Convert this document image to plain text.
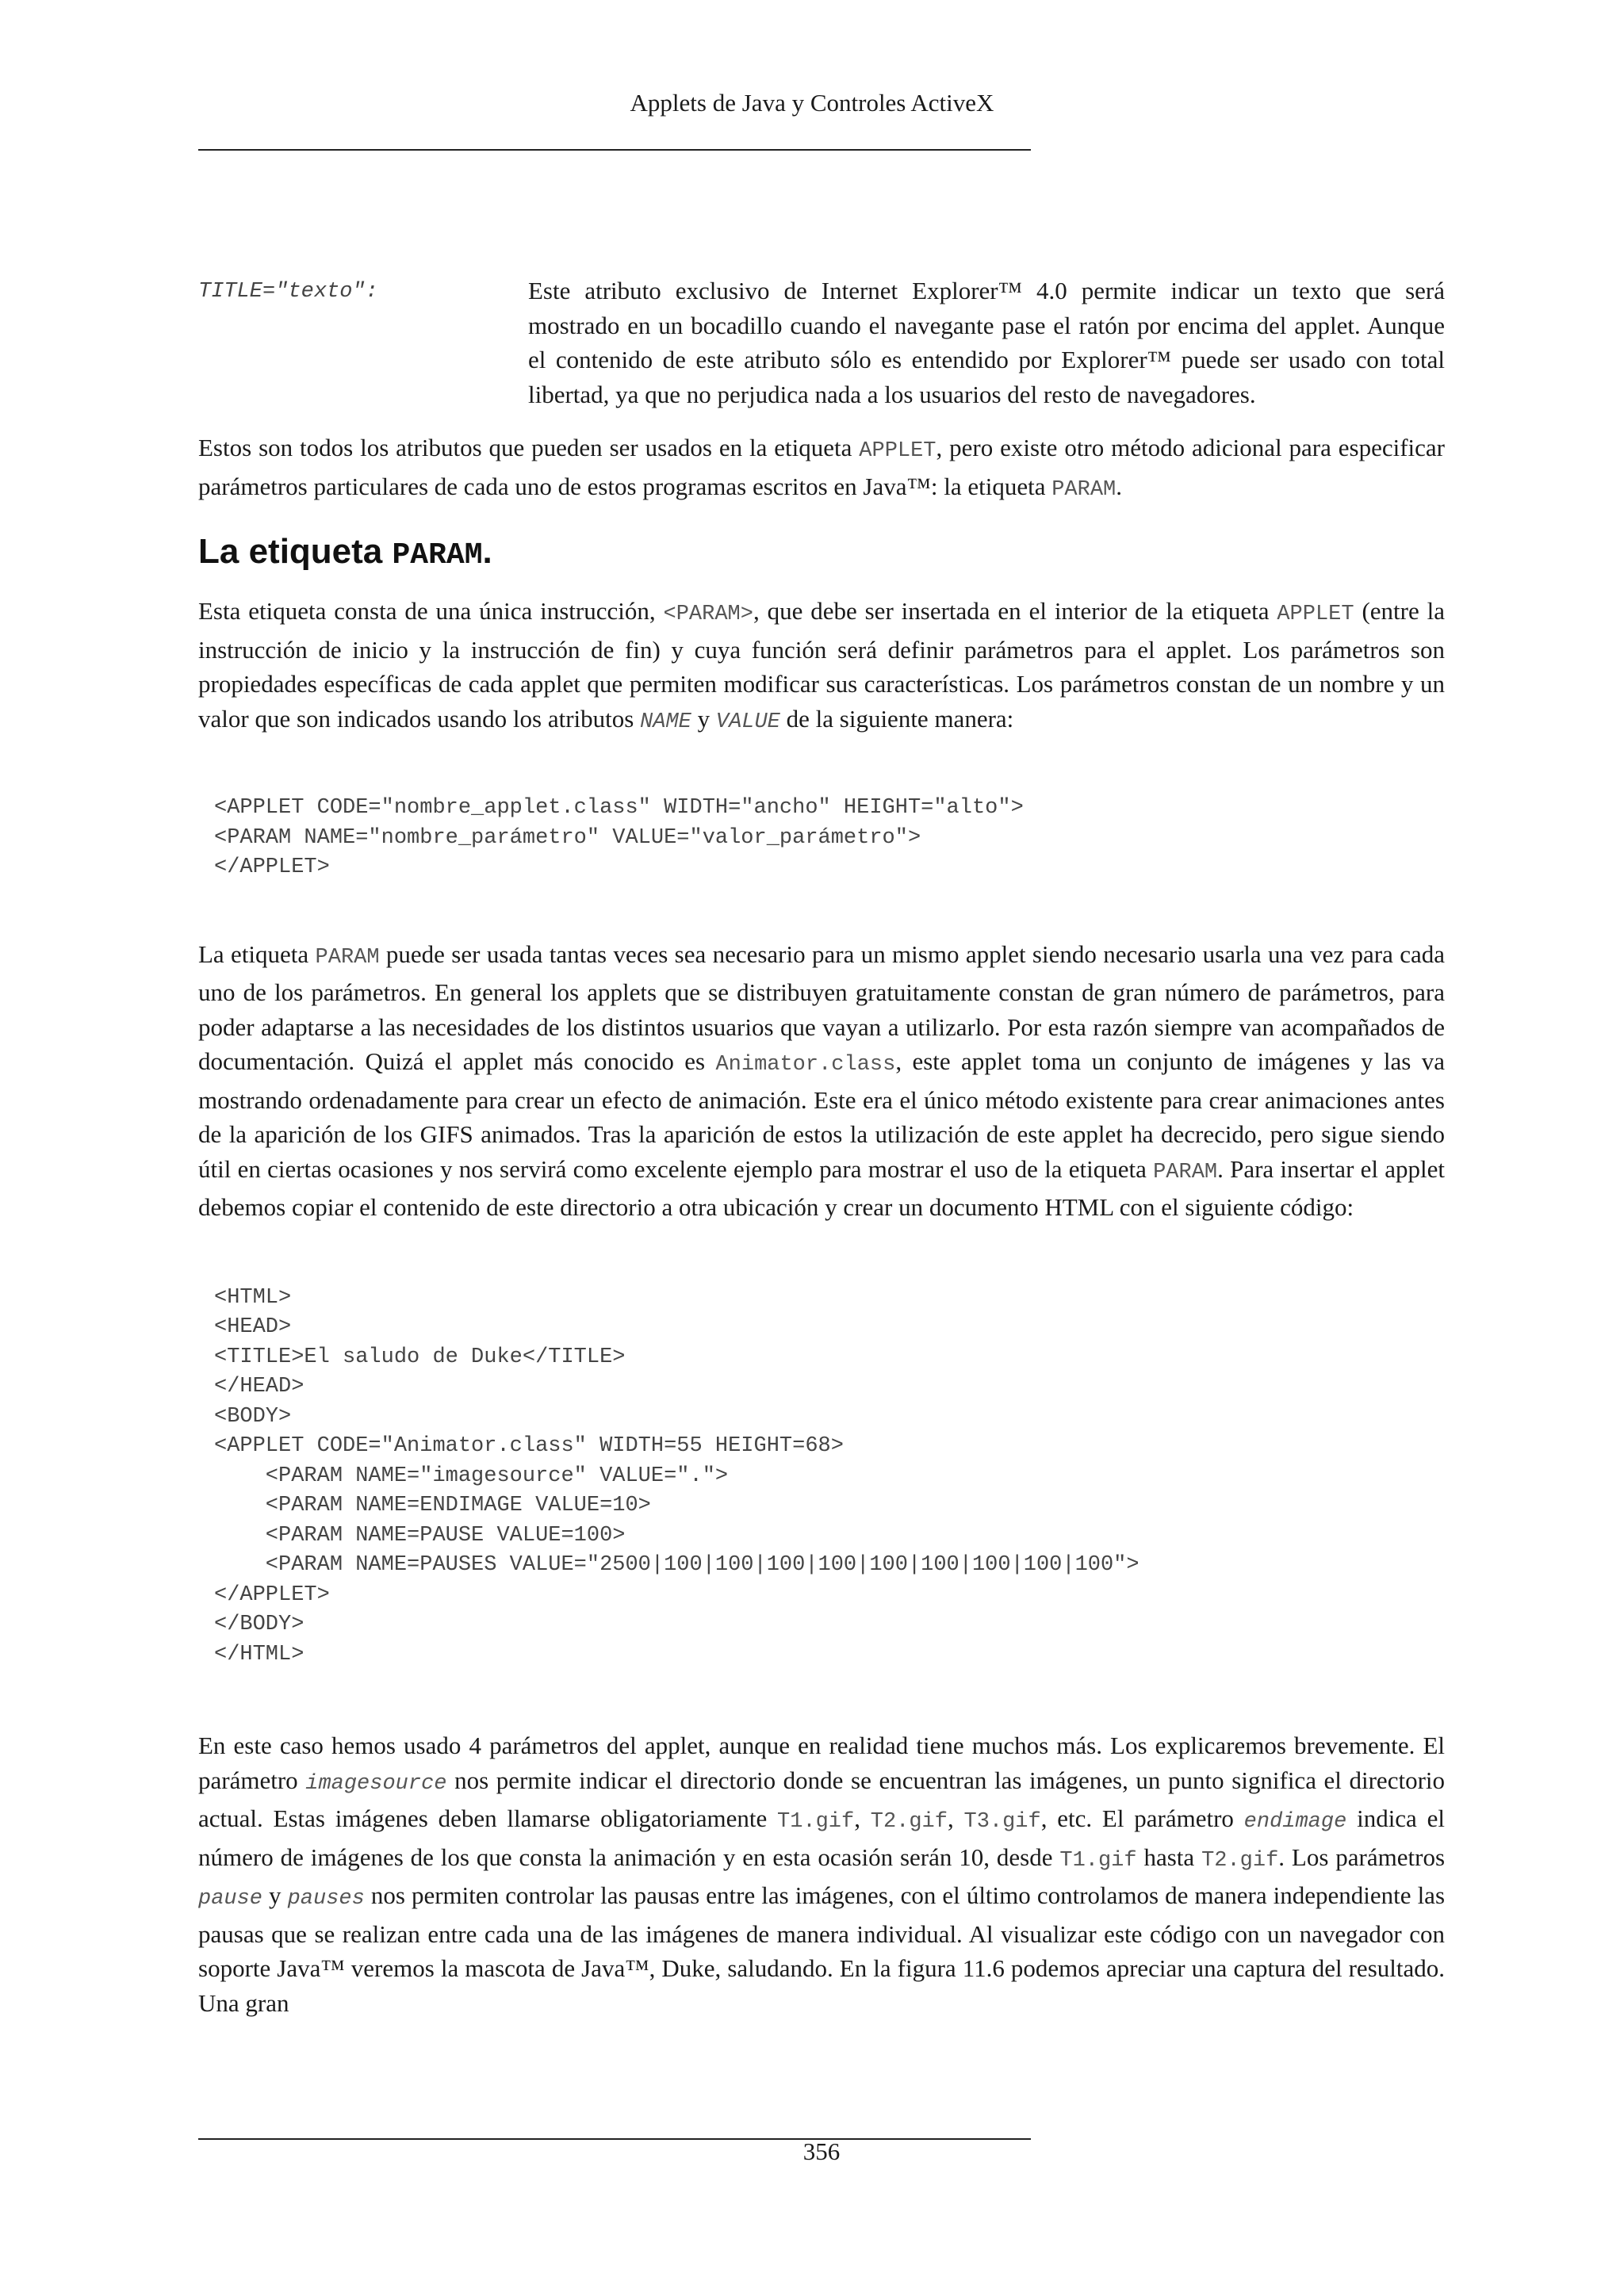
Applets de Java y Controles ActiveX
TITLE="texto":	Este atributo exclusivo de Internet Explorer™ 4.0 permite indicar un texto que será mostrado en un bocadillo cuando el navegante pase el ratón por encima del applet. Aunque el contenido de este atributo sólo es entendido por Explorer™ puede ser usado con total libertad, ya que no perjudica nada a los usuarios del resto de navegadores.

Estos son todos los atributos que pueden ser usados en la etiqueta APPLET, pero existe otro método adicional para especificar parámetros particulares de cada uno de estos programas escritos en Java™: la etiqueta PARAM.

La etiqueta PARAM.

Esta etiqueta consta de una única instrucción, <PARAM>, que debe ser insertada en el interior de la etiqueta APPLET (entre la instrucción de inicio y la instrucción de fin) y cuya función será definir parámetros para el applet. Los parámetros son propiedades específicas de cada applet que permiten modificar sus características. Los parámetros constan de un nombre y un valor que son indicados usando los atributos NAME y VALUE de la siguiente manera:

<APPLET CODE="nombre_applet.class" WIDTH="ancho" HEIGHT="alto">
<PARAM NAME="nombre_parámetro" VALUE="valor_parámetro">
</APPLET>

La etiqueta PARAM puede ser usada tantas veces sea necesario para un mismo applet siendo necesario usarla una vez para cada uno de los parámetros. En general los applets que se distribuyen gratuitamente constan de gran número de parámetros, para poder adaptarse a las necesidades de los distintos usuarios que vayan a utilizarlo. Por esta razón siempre van acompañados de documentación. Quizá el applet más conocido es Animator.class, este applet toma un conjunto de imágenes y las va mostrando ordenadamente para crear un efecto de animación. Este era el único método existente para crear animaciones antes de la aparición de los GIFS animados. Tras la aparición de estos la utilización de este applet ha decrecido, pero sigue siendo útil en ciertas ocasiones y nos servirá como excelente ejemplo para mostrar el uso de la etiqueta PARAM. Para insertar el applet debemos copiar el contenido de este directorio a otra ubicación y crear un documento HTML con el siguiente código:

<HTML>
<HEAD>
<TITLE>El saludo de Duke</TITLE>
</HEAD>
<BODY>
<APPLET CODE="Animator.class" WIDTH=55 HEIGHT=68>
<PARAM NAME="imagesource" VALUE=".">
<PARAM NAME=ENDIMAGE VALUE=10>
<PARAM NAME=PAUSE VALUE=100>
<PARAM NAME=PAUSES VALUE="2500|100|100|100|100|100|100|100|100|100">
</APPLET>
</BODY>
</HTML>

En este caso hemos usado 4 parámetros del applet, aunque en realidad tiene muchos más. Los explicaremos brevemente. El parámetro imagesource nos permite indicar el directorio donde se encuentran las imágenes, un punto significa el directorio actual. Estas imágenes deben llamarse obligatoriamente T1.gif, T2.gif, T3.gif, etc. El parámetro endimage indica el número de imágenes de los que consta la animación y en esta ocasión serán 10, desde T1.gif hasta T2.gif. Los parámetros pause y pauses nos permiten controlar las pausas entre las imágenes, con el último controlamos de manera independiente las pausas que se realizan entre cada una de las imágenes de manera individual. Al visualizar este código con un navegador con soporte Java™ veremos la mascota de Java™, Duke, saludando. En la figura 11.6 podemos apreciar una captura del resultado. Una gran

356
